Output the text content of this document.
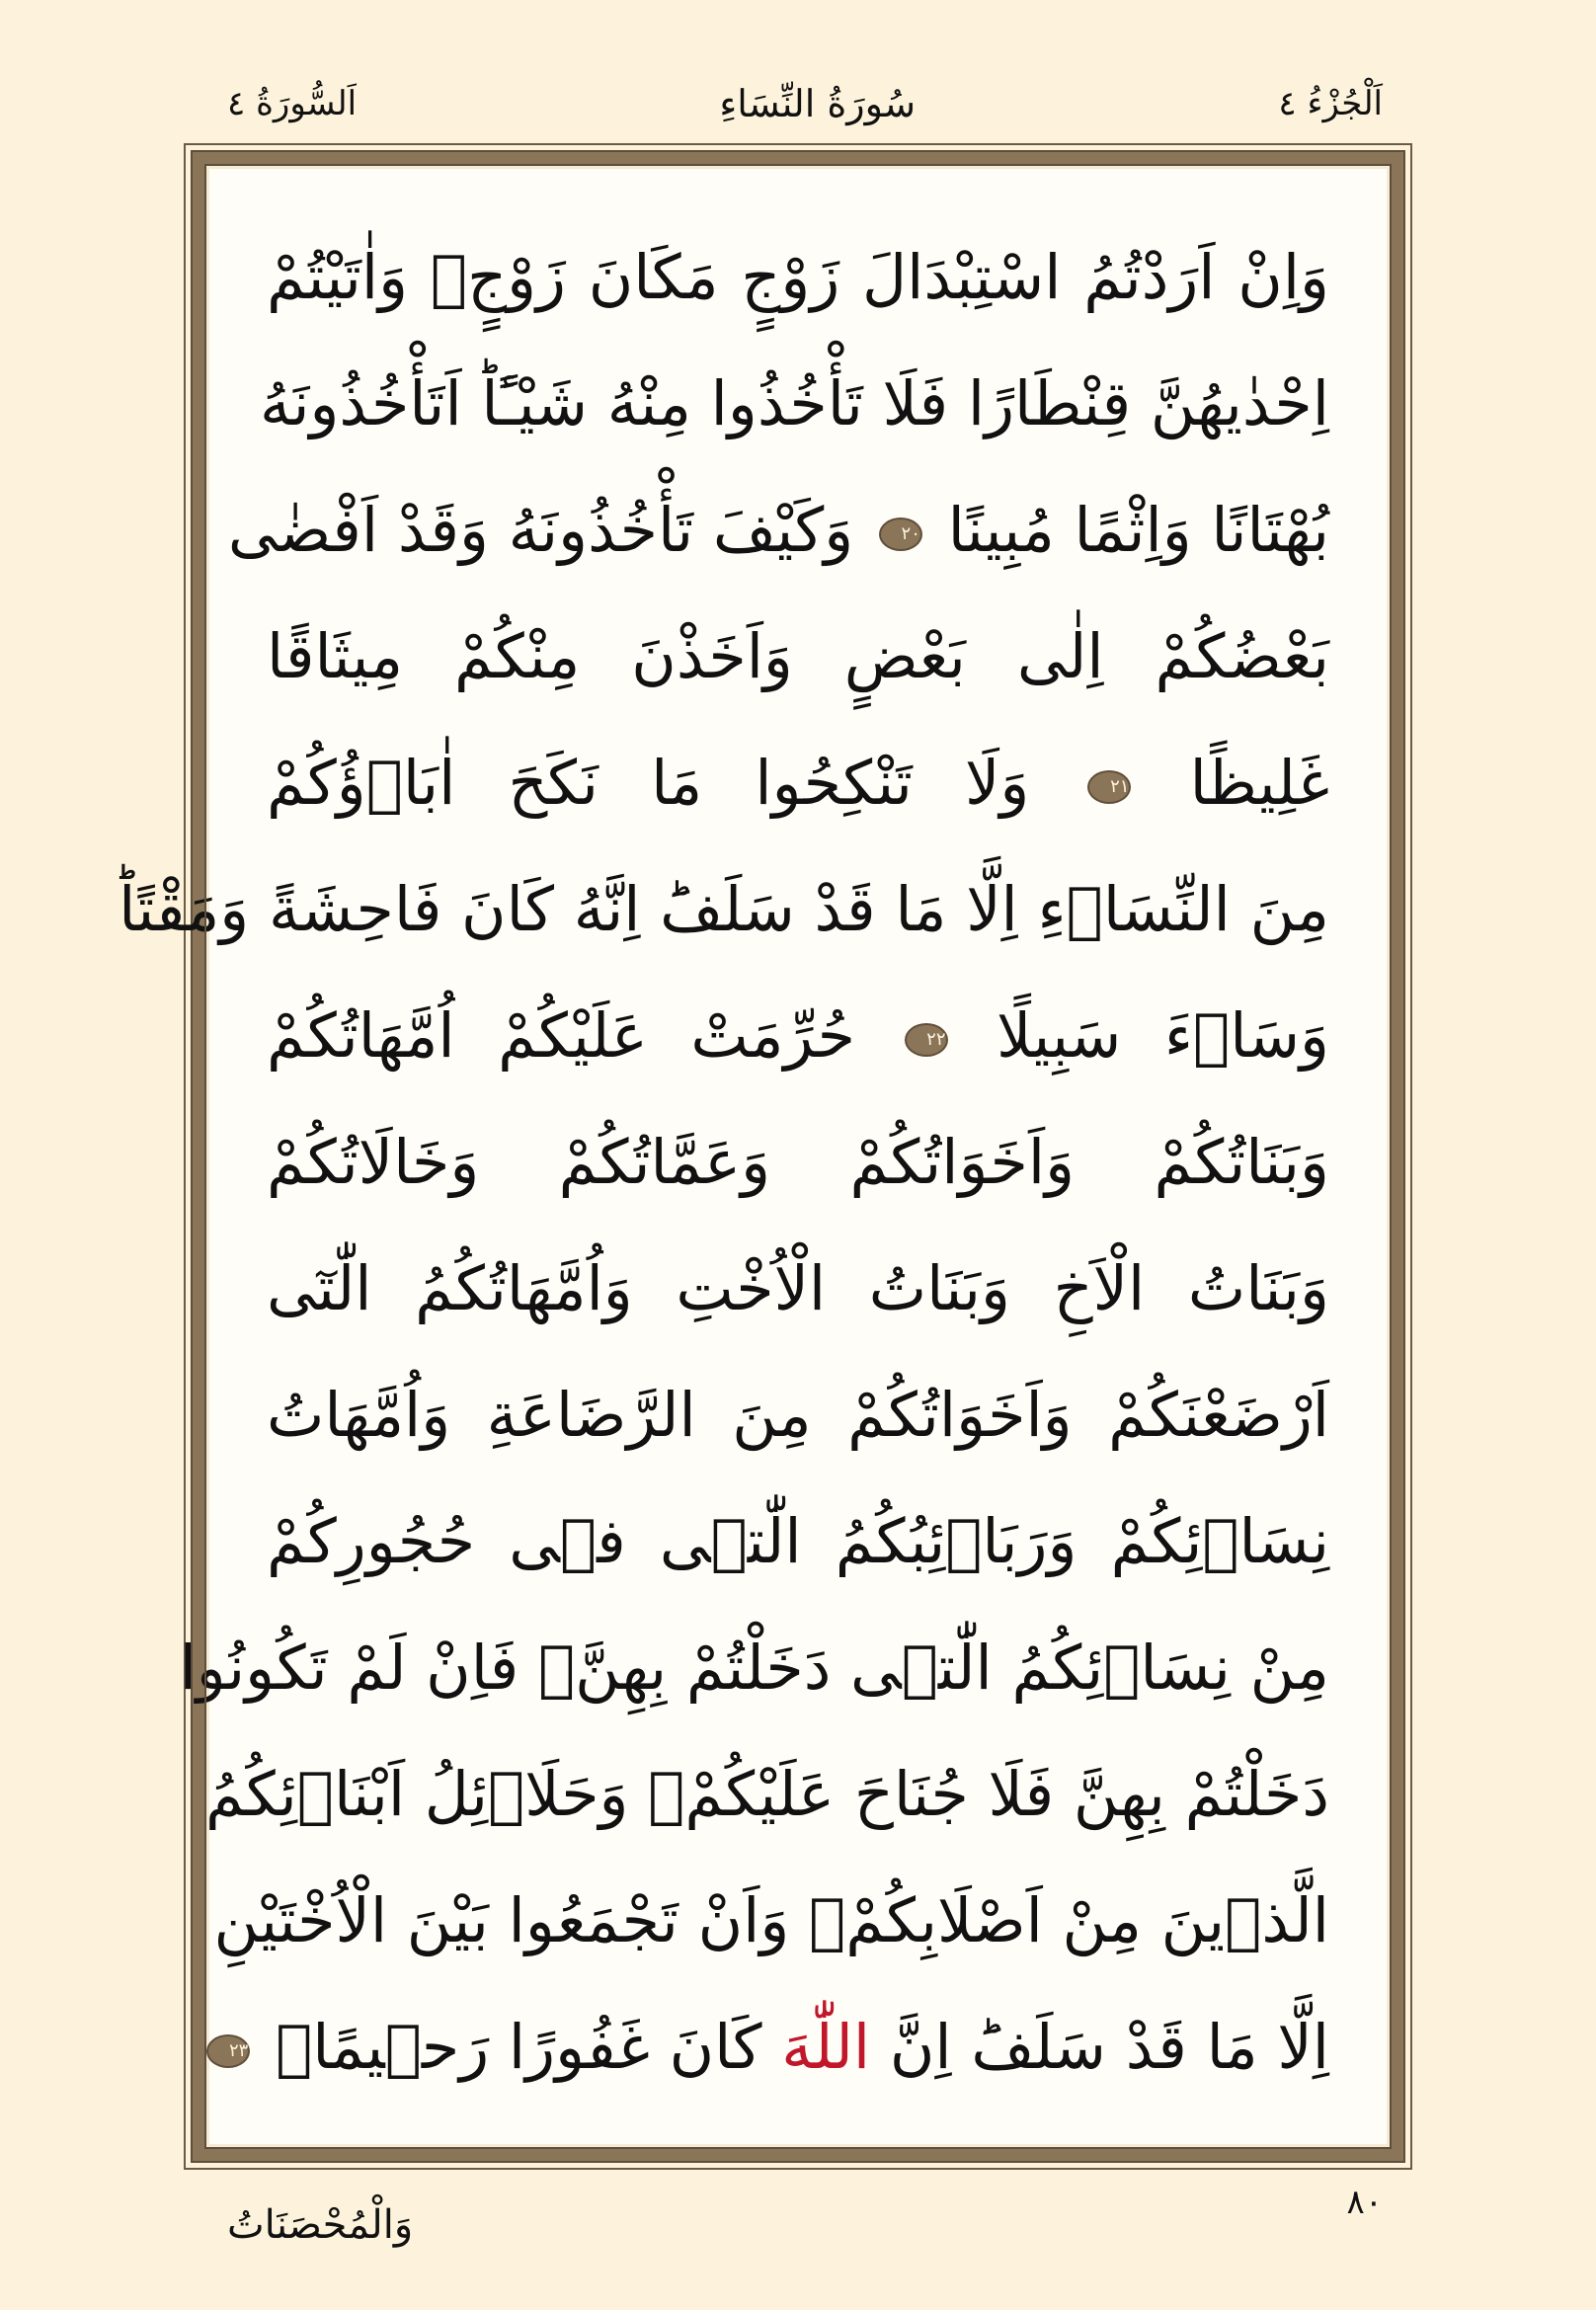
اَلْجُزْءُ ٤
سُورَةُ النِّسَاءِ
اَلسُّورَةُ ٤
وَاِنْ اَرَدْتُمُ اسْتِبْدَالَ زَوْجٍ مَكَانَ زَوْجٍۙ وَاٰتَيْتُمْ
اِحْدٰيهُنَّ قِنْطَارًا فَلَا تَأْخُذُوا مِنْهُ شَيْـًٔاؕ اَتَأْخُذُونَهُ
بُهْتَانًا وَاِثْمًا مُبِينًا ٢٠ وَكَيْفَ تَأْخُذُونَهُ وَقَدْ اَفْضٰى
بَعْضُكُمْ اِلٰى بَعْضٍ وَاَخَذْنَ مِنْكُمْ مِيثَاقًا
غَلِيظًا ٢١ وَلَا تَنْكِحُوا مَا نَكَحَ اٰبَاۤؤُكُمْ
مِنَ النِّسَاۤءِ اِلَّا مَا قَدْ سَلَفَؕ اِنَّهُ كَانَ فَاحِشَةً وَمَقْتًاؕ
وَسَاۤءَ سَبِيلًا ٢٢ حُرِّمَتْ عَلَيْكُمْ اُمَّهَاتُكُمْ
وَبَنَاتُكُمْ وَاَخَوَاتُكُمْ وَعَمَّاتُكُمْ وَخَالَاتُكُمْ
وَبَنَاتُ الْاَخِ وَبَنَاتُ الْاُخْتِ وَاُمَّهَاتُكُمُ الّٰتٓى
اَرْضَعْنَكُمْ وَاَخَوَاتُكُمْ مِنَ الرَّضَاعَةِ وَاُمَّهَاتُ
نِسَاۤئِكُمْ وَرَبَاۤئِبُكُمُ الّٰتٖى فٖى حُجُورِكُمْ
مِنْ نِسَاۤئِكُمُ الّٰتٖى دَخَلْتُمْ بِهِنَّۘ فَاِنْ لَمْ تَكُونُوا
دَخَلْتُمْ بِهِنَّ فَلَا جُنَاحَ عَلَيْكُمْۘ وَحَلَاۤئِلُ اَبْنَاۤئِكُمُ
الَّذٖينَ مِنْ اَصْلَابِكُمْۙ وَاَنْ تَجْمَعُوا بَيْنَ الْاُخْتَيْنِ
اِلَّا مَا قَدْ سَلَفَؕ اِنَّ اللّٰهَ كَانَ غَفُورًا رَحٖيمًاۙ ٢٣
٨٠
وَالْمُحْصَنَاتُ
